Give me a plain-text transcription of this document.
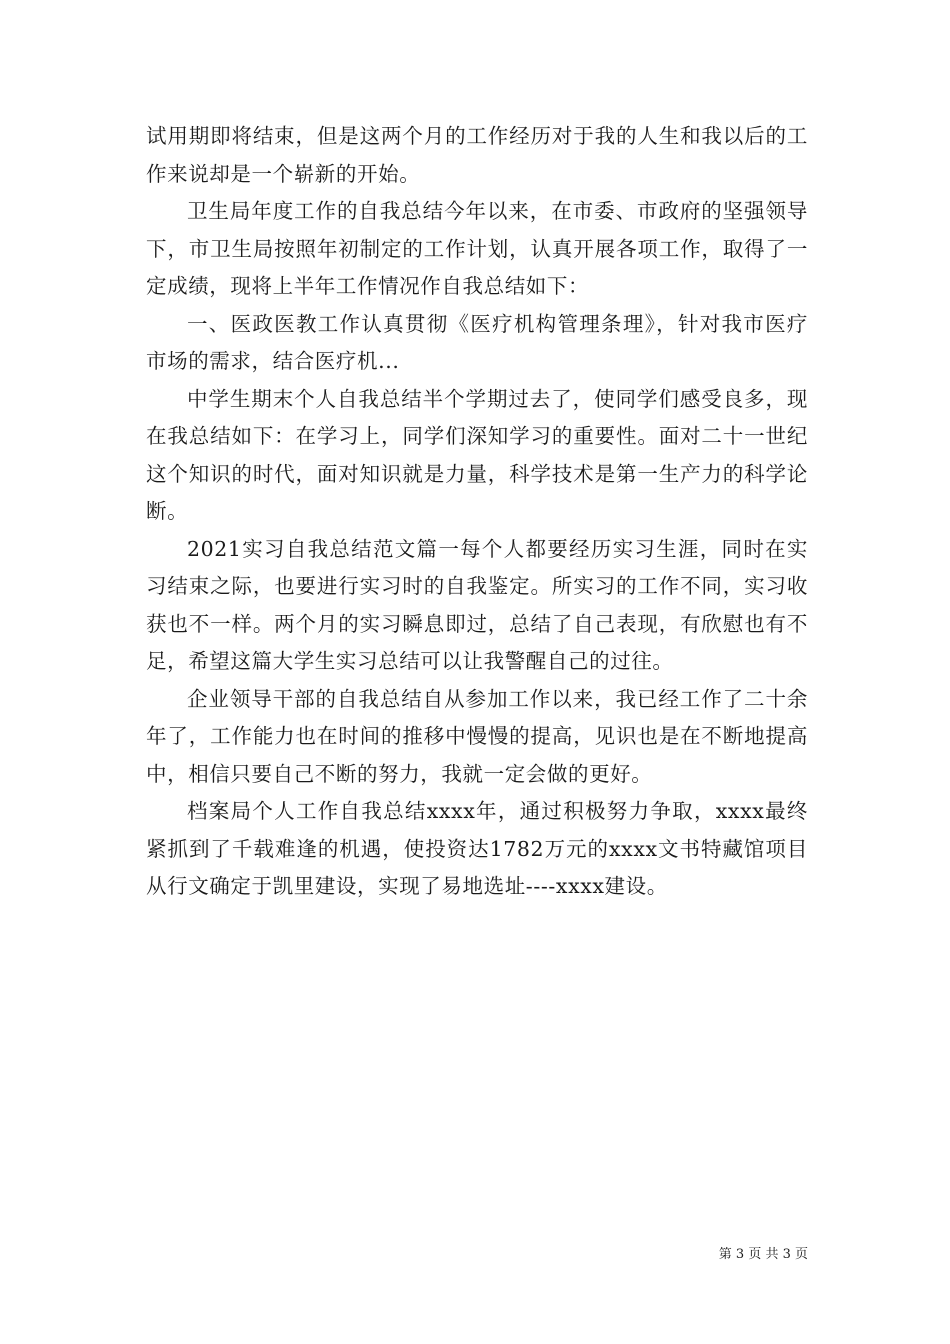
试用期即将结束，但是这两个月的工作经历对于我的人生和我以后的工作来说却是一个崭新的开始。

卫生局年度工作的自我总结今年以来，在市委、市政府的坚强领导下，市卫生局按照年初制定的工作计划，认真开展各项工作，取得了一定成绩，现将上半年工作情况作自我总结如下：

一、医政医教工作认真贯彻《医疗机构管理条理》，针对我市医疗市场的需求，结合医疗机...

中学生期末个人自我总结半个学期过去了，使同学们感受良多，现在我总结如下：在学习上，同学们深知学习的重要性。面对二十一世纪这个知识的时代，面对知识就是力量，科学技术是第一生产力的科学论断。

2021实习自我总结范文篇一每个人都要经历实习生涯，同时在实习结束之际，也要进行实习时的自我鉴定。所实习的工作不同，实习收获也不一样。两个月的实习瞬息即过，总结了自己表现，有欣慰也有不足，希望这篇大学生实习总结可以让我警醒自己的过往。

企业领导干部的自我总结自从参加工作以来，我已经工作了二十余年了，工作能力也在时间的推移中慢慢的提高，见识也是在不断地提高中，相信只要自己不断的努力，我就一定会做的更好。

档案局个人工作自我总结xxxx年，通过积极努力争取，xxxx最终紧抓到了千载难逢的机遇，使投资达1782万元的xxxx文书特藏馆项目从行文确定于凯里建设，实现了易地选址----xxxx建设。

第 3 页 共 3 页
